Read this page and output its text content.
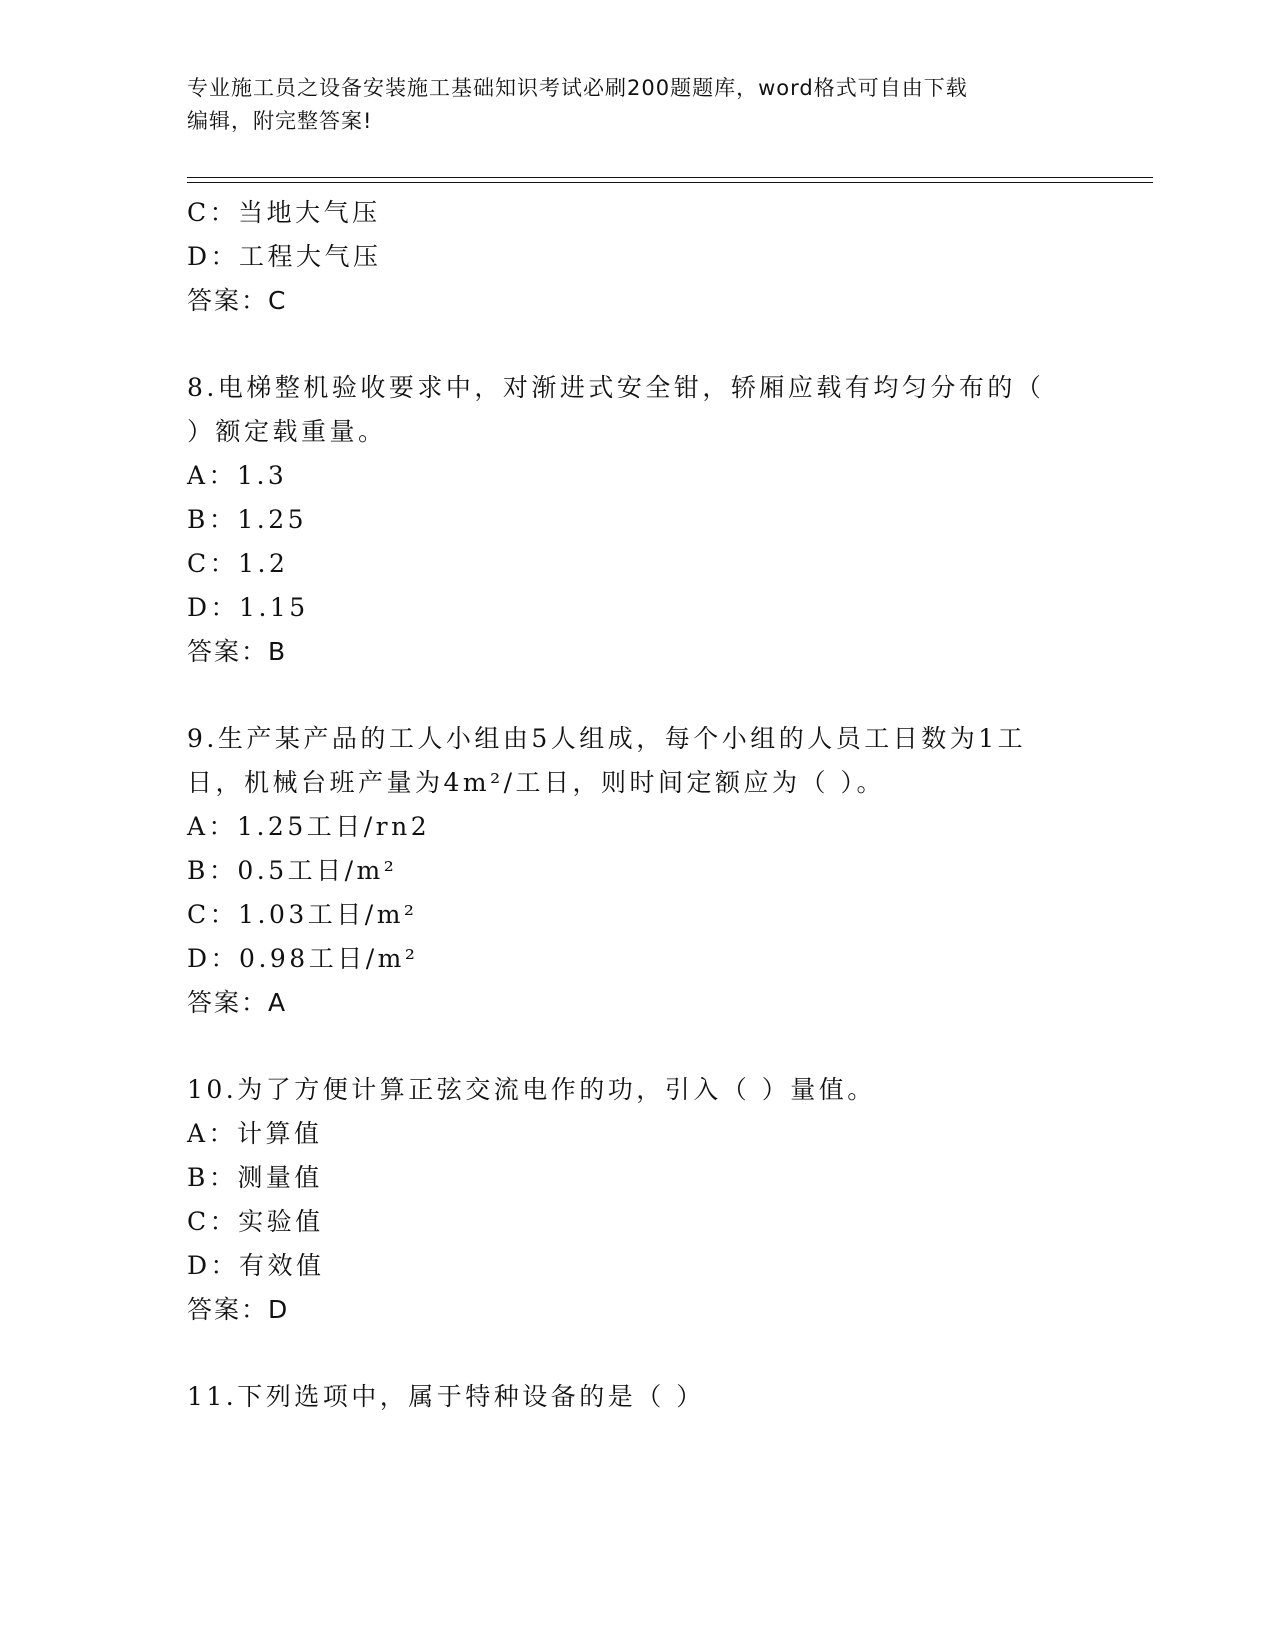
专业施工员之设备安装施工基础知识考试必刷200题题库，word格式可自由下载
编辑，附完整答案!
C：当地大气压
D：工程大气压
答案：C
8.电梯整机验收要求中，对渐进式安全钳，轿厢应载有均匀分布的（
）额定载重量。
A：1.3
B：1.25
C：1.2
D：1.15
答案：B
9.生产某产品的工人小组由5人组成，每个小组的人员工日数为1工
日，机械台班产量为4m²/工日，则时间定额应为（ ）。
A：1.25工日/rn2
B：0.5工日/m²
C：1.03工日/m²
D：0.98工日/m²
答案：A
10.为了方便计算正弦交流电作的功，引入（ ）量值。
A：计算值
B：测量值
C：实验值
D：有效值
答案：D
11.下列选项中，属于特种设备的是（ ）
